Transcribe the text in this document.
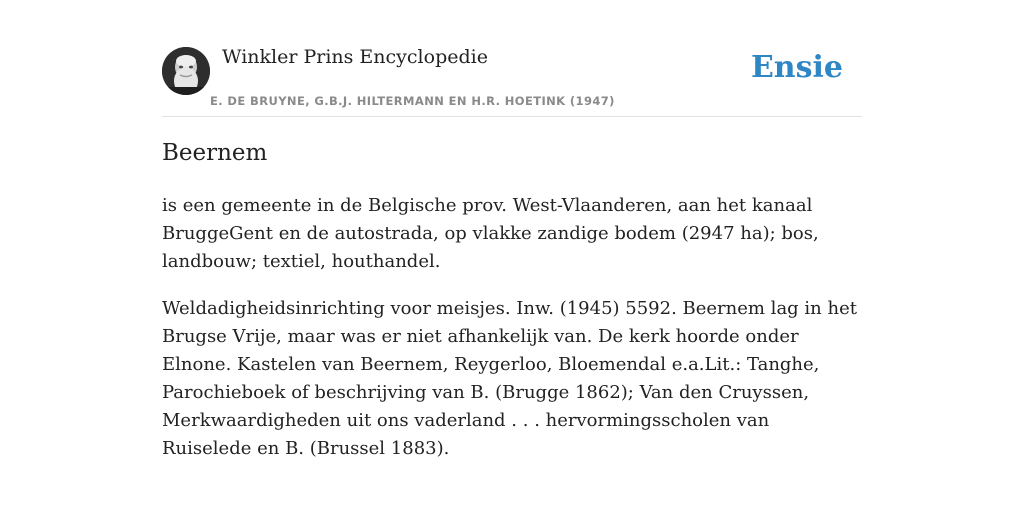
Winkler Prins Encyclopedie
E. DE BRUYNE, G.B.J. HILTERMANN EN H.R. HOETINK (1947)
Ensie
Beernem

is een gemeente in de Belgische prov. West-Vlaanderen, aan het kanaal BruggeGent en de autostrada, op vlakke zandige bodem (2947 ha); bos, landbouw; textiel, houthandel.

Weldadigheidsinrichting voor meisjes. Inw. (1945) 5592. Beernem lag in het Brugse Vrije, maar was er niet afhankelijk van. De kerk hoorde onder Elnone. Kastelen van Beernem, Reygerloo, Bloemendal e.a.Lit.: Tanghe, Parochieboek of beschrijving van B. (Brugge 1862); Van den Cruyssen, Merkwaardigheden uit ons vaderland . . . hervormingsscholen van Ruiselede en B. (Brussel 1883).
